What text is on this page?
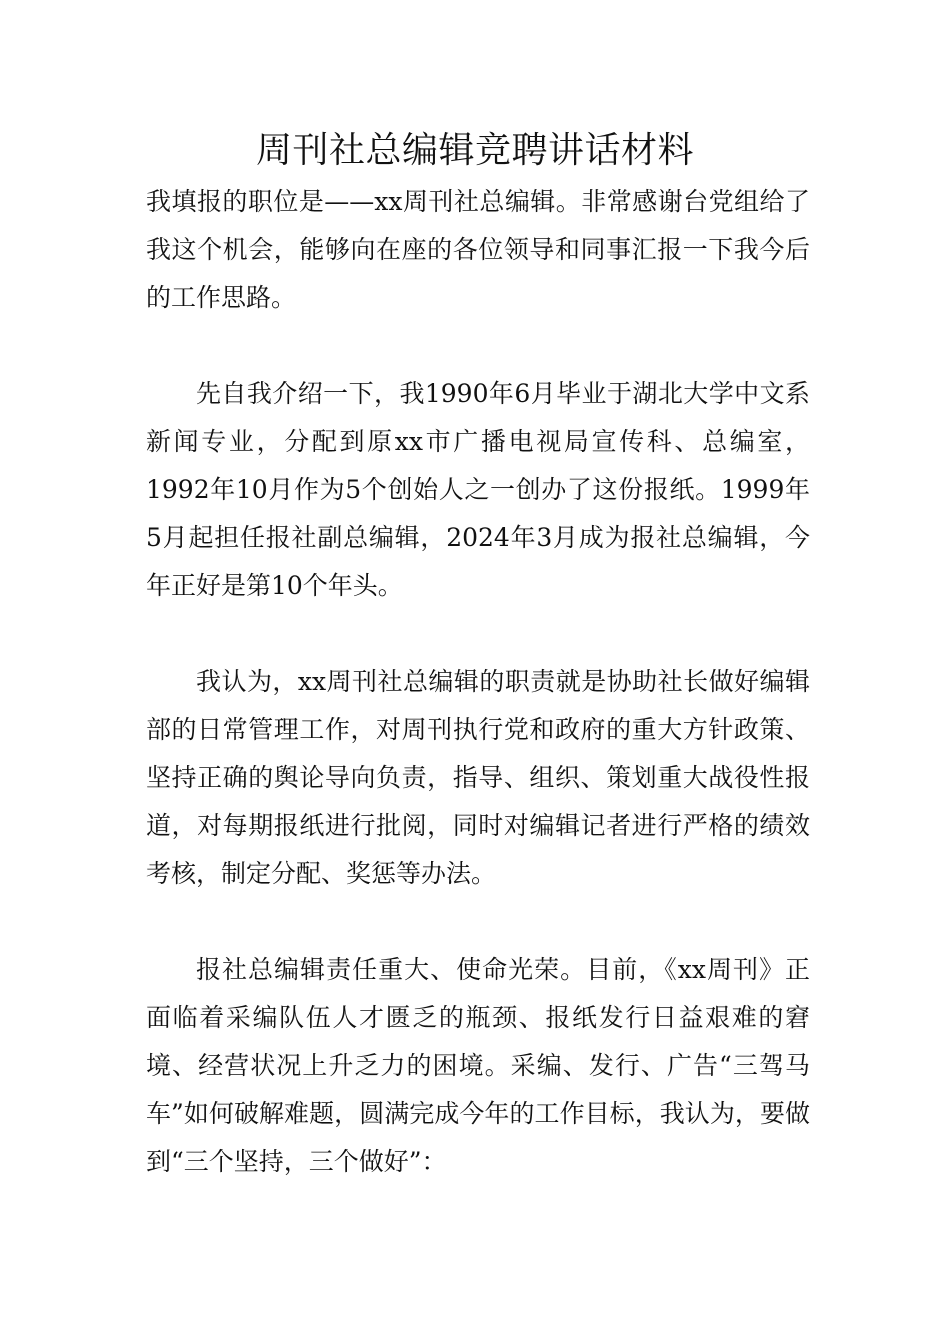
周刊社总编辑竞聘讲话材料

我填报的职位是——xx周刊社总编辑。非常感谢台党组给了我这个机会，能够向在座的各位领导和同事汇报一下我今后的工作思路。

先自我介绍一下，我1990年6月毕业于湖北大学中文系新闻专业，分配到原xx市广播电视局宣传科、总编室，1992年10月作为5个创始人之一创办了这份报纸。1999年5月起担任报社副总编辑，2024年3月成为报社总编辑，今年正好是第10个年头。

我认为，xx周刊社总编辑的职责就是协助社长做好编辑部的日常管理工作，对周刊执行党和政府的重大方针政策、坚持正确的舆论导向负责，指导、组织、策划重大战役性报道，对每期报纸进行批阅，同时对编辑记者进行严格的绩效考核，制定分配、奖惩等办法。

报社总编辑责任重大、使命光荣。目前，《xx周刊》正面临着采编队伍人才匮乏的瓶颈、报纸发行日益艰难的窘境、经营状况上升乏力的困境。采编、发行、广告“三驾马车”如何破解难题，圆满完成今年的工作目标，我认为，要做到“三个坚持，三个做好”：
